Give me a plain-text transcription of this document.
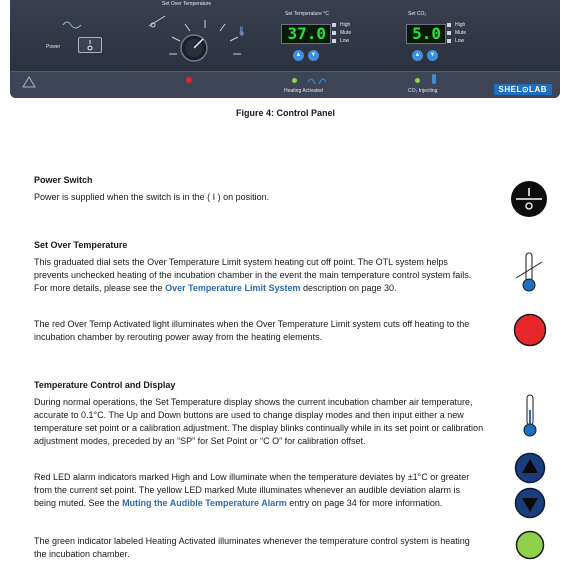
Set Over Temperature
Power
🌡
Set Temperature °C
37.0	High
Mute
Low
▲	▼
Heating Activated
Set CO₂
5.0	High
Mute
Low
▲	▼
CO₂ Injecting	SHEL⊙LAB
Figure 4: Control Panel
Power Switch
Power is supplied when the switch is in the ( I ) on position.
Set Over Temperature
This graduated dial sets the Over Temperature Limit system heating cut off point. The OTL system helps prevents unchecked heating of the incubation chamber in the event the main temperature control system fails. For more details, please see the Over Temperature Limit System description on page 30.
The red Over Temp Activated light illuminates when the Over Temperature Limit system cuts off heating to the incubation chamber by rerouting power away from the heating elements.
Temperature Control and Display
During normal operations, the Set Temperature display shows the current incubation chamber air temperature, accurate to 0.1°C. The Up and Down buttons are used to change display modes and then input either a new temperature set point or a calibration adjustment. The display blinks continually while in its set point or calibration adjustment modes, preceded by an “SP” for Set Point or “C O” for calibration offset.
Red LED alarm indicators marked High and Low illuminate when the temperature deviates by ±1°C or greater from the current set point. The yellow LED marked Mute illuminates whenever an audible deviation alarm is being muted. See the Muting the Audible Temperature Alarm entry on page 34 for more information.
The green indicator labeled Heating Activated illuminates whenever the temperature control system is heating the incubation chamber.
